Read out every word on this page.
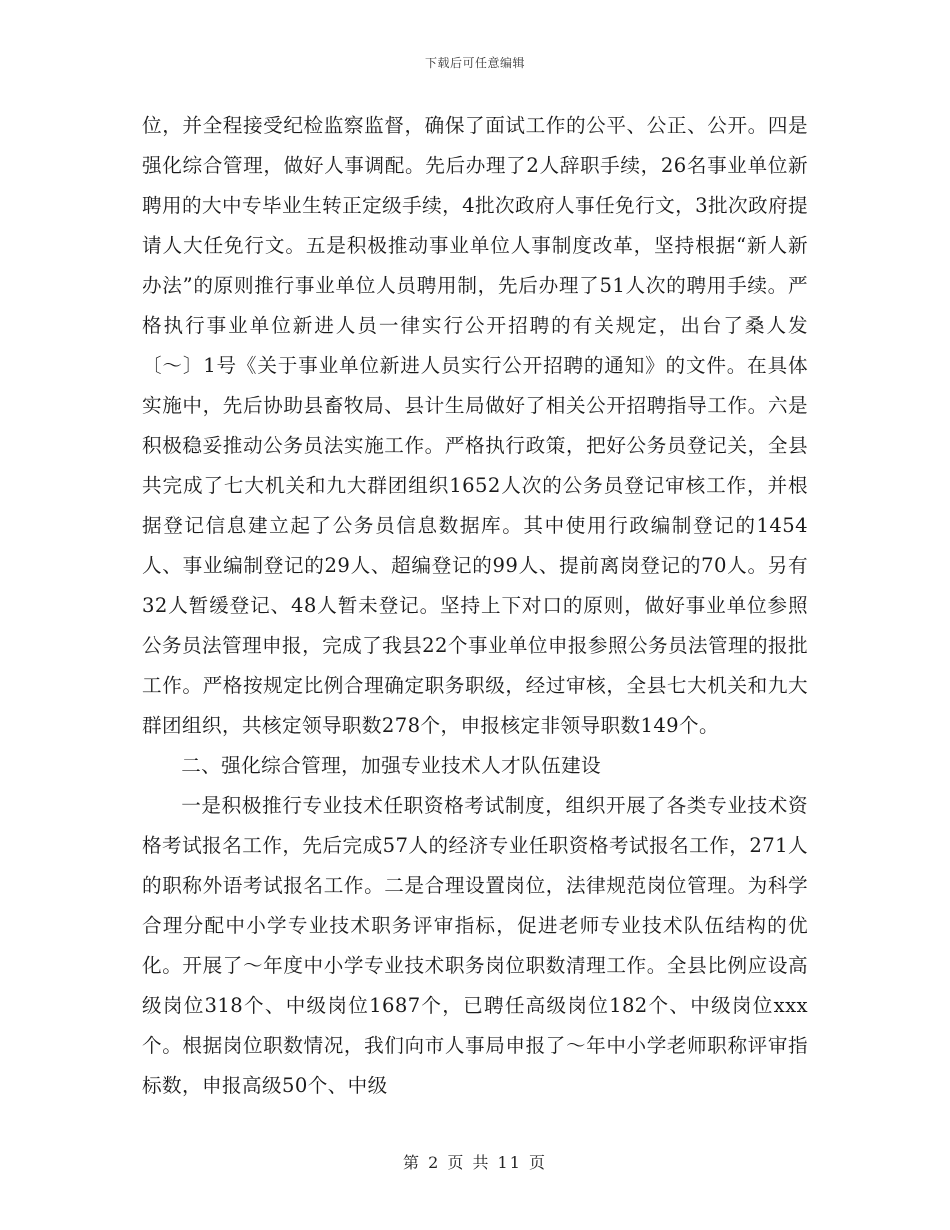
下载后可任意编辑

位，并全程接受纪检监察监督，确保了面试工作的公平、公正、公开。四是强化综合管理，做好人事调配。先后办理了2人辞职手续，26名事业单位新聘用的大中专毕业生转正定级手续，4批次政府人事任免行文，3批次政府提请人大任免行文。五是积极推动事业单位人事制度改革，坚持根据“新人新办法”的原则推行事业单位人员聘用制，先后办理了51人次的聘用手续。严格执行事业单位新进人员一律实行公开招聘的有关规定，出台了桑人发〔～〕1号《关于事业单位新进人员实行公开招聘的通知》的文件。在具体实施中，先后协助县畜牧局、县计生局做好了相关公开招聘指导工作。六是积极稳妥推动公务员法实施工作。严格执行政策，把好公务员登记关，全县共完成了七大机关和九大群团组织1652人次的公务员登记审核工作，并根据登记信息建立起了公务员信息数据库。其中使用行政编制登记的1454人、事业编制登记的29人、超编登记的99人、提前离岗登记的70人。另有32人暂缓登记、48人暂未登记。坚持上下对口的原则，做好事业单位参照公务员法管理申报，完成了我县22个事业单位申报参照公务员法管理的报批工作。严格按规定比例合理确定职务职级，经过审核，全县七大机关和九大群团组织，共核定领导职数278个，申报核定非领导职数149个。

二、强化综合管理，加强专业技术人才队伍建设

一是积极推行专业技术任职资格考试制度，组织开展了各类专业技术资格考试报名工作，先后完成57人的经济专业任职资格考试报名工作，271人的职称外语考试报名工作。二是合理设置岗位，法律规范岗位管理。为科学合理分配中小学专业技术职务评审指标，促进老师专业技术队伍结构的优化。开展了～年度中小学专业技术职务岗位职数清理工作。全县比例应设高级岗位318个、中级岗位1687个，已聘任高级岗位182个、中级岗位xxx个。根据岗位职数情况，我们向市人事局申报了～年中小学老师职称评审指标数，申报高级50个、中级

第 2 页 共 11 页
